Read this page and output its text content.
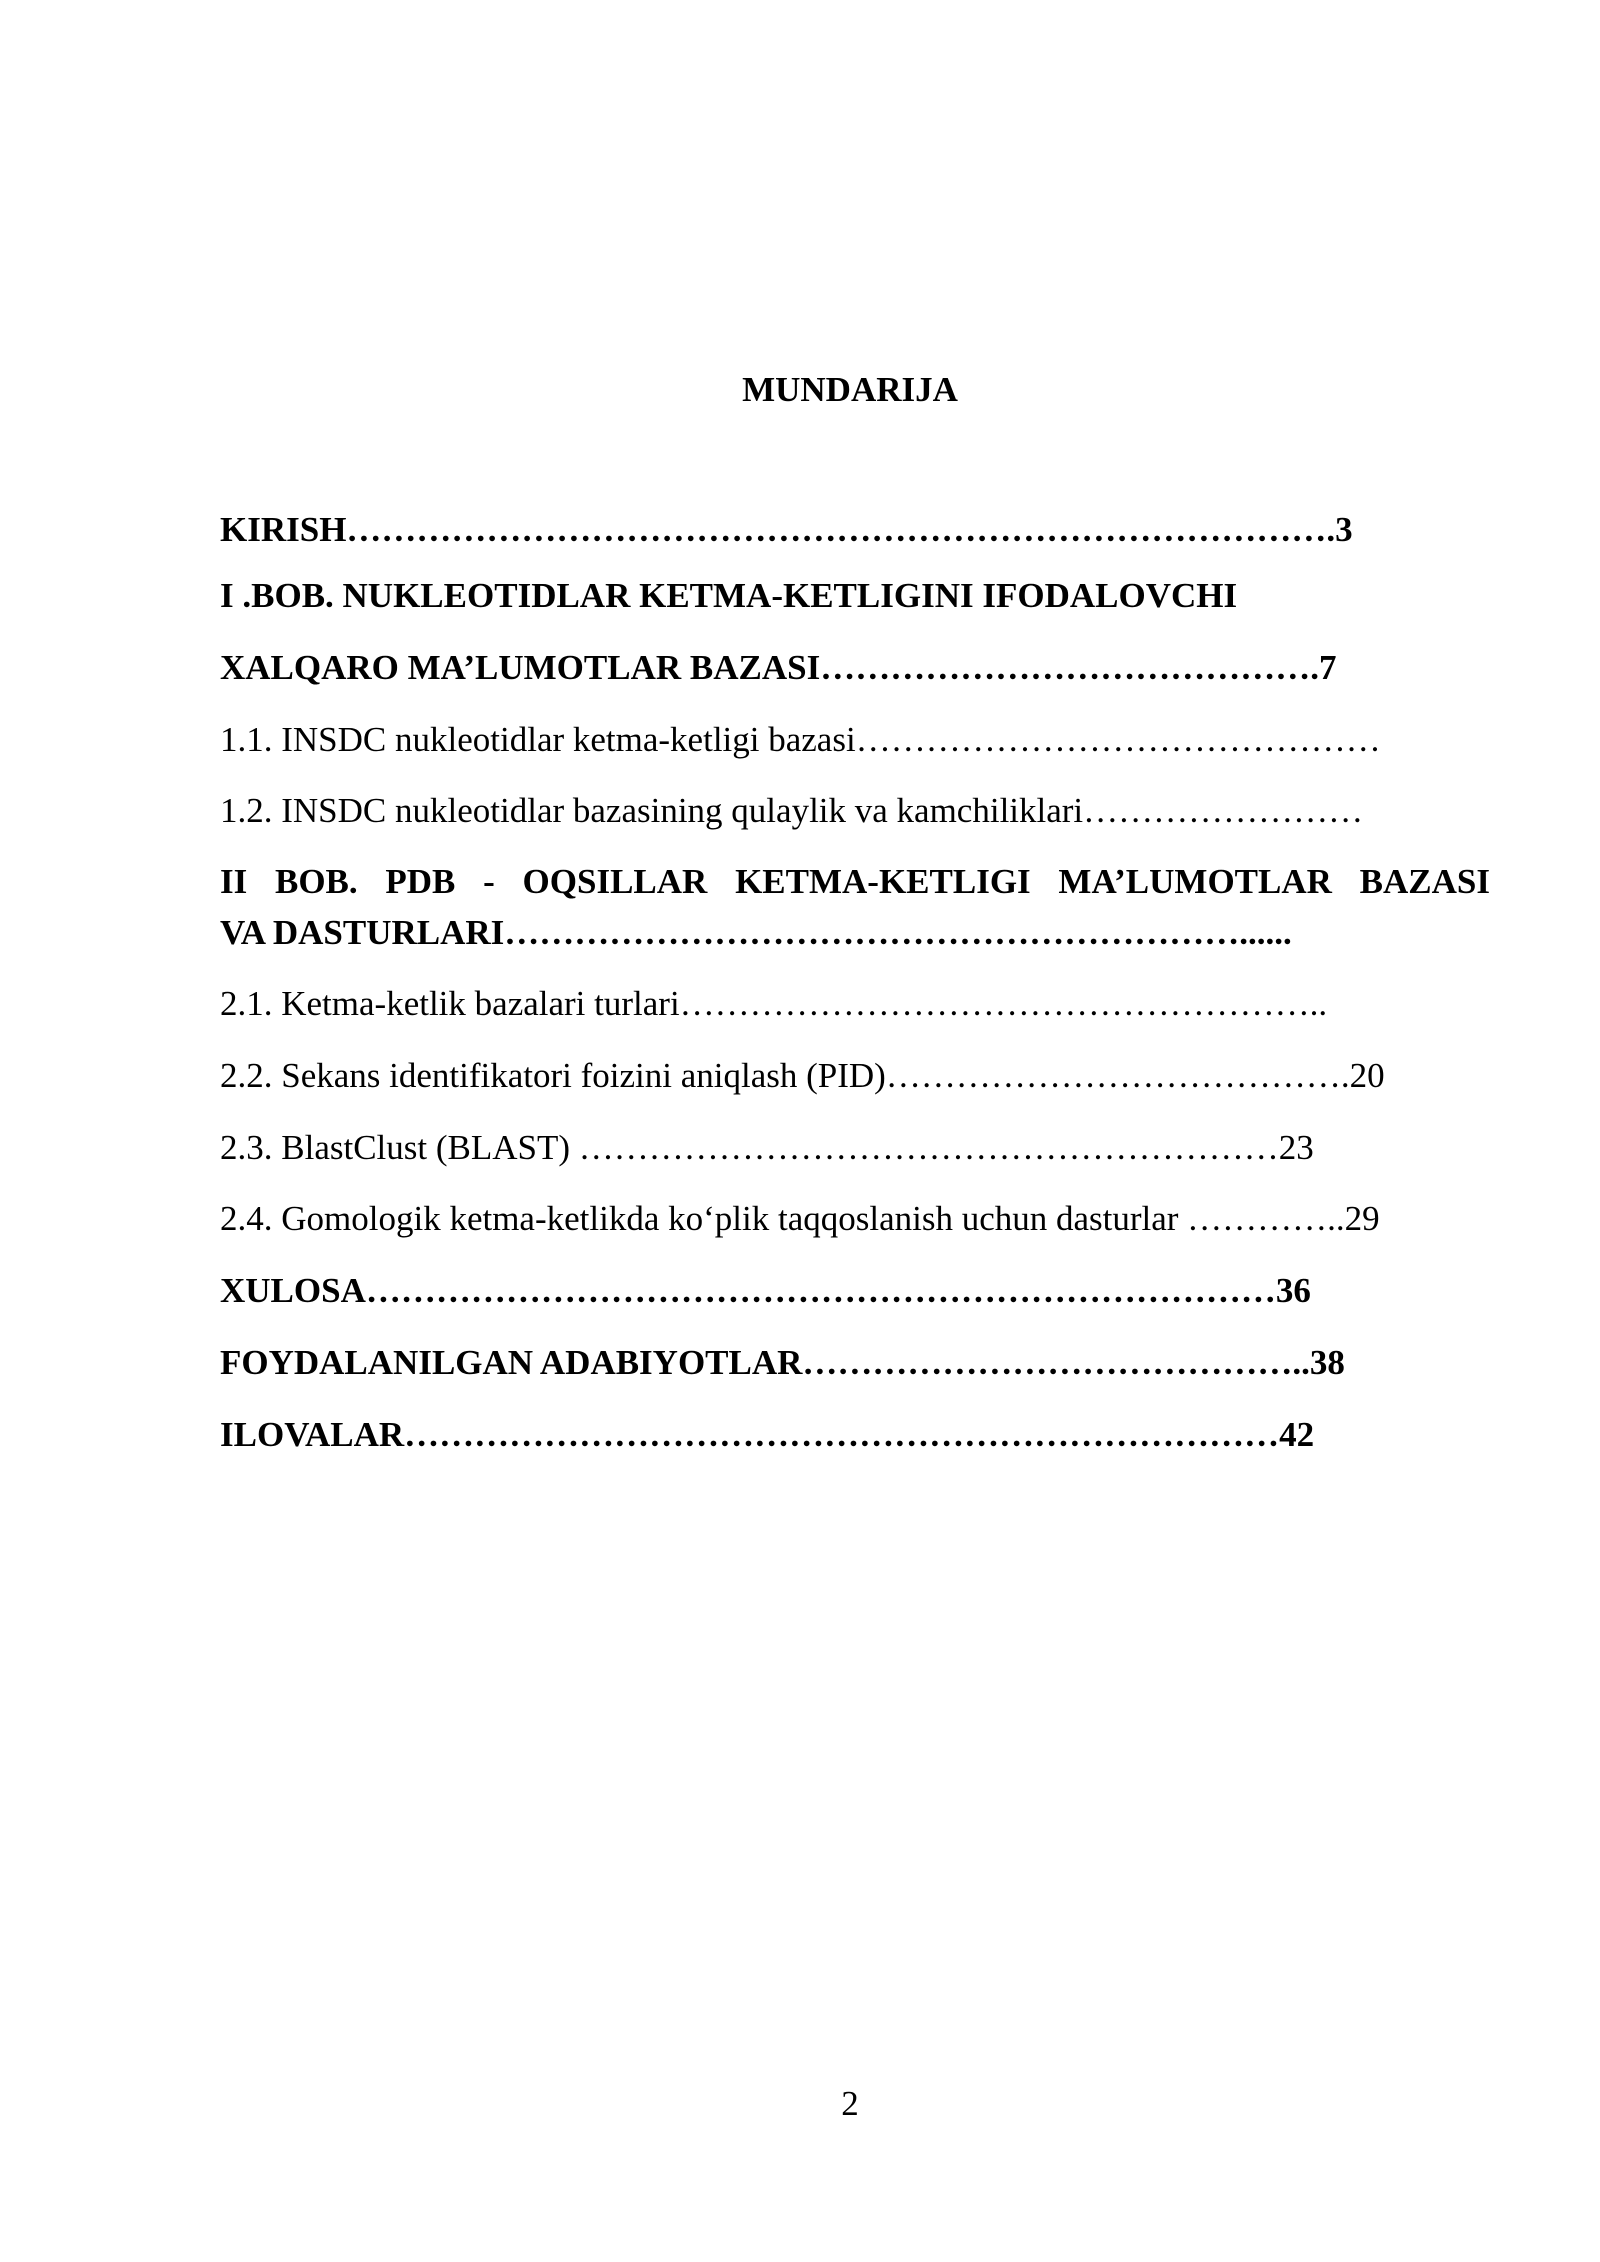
MUNDARIJA
KIRISH………………………………………………………………………….3
I .BOB. NUKLEOTIDLAR KETMA-KETLIGINI IFODALOVCHI
XALQARO MA’LUMOTLAR BAZASI…………………………………….7
1.1. INSDC nukleotidlar ketma-ketligi bazasi………………………………………
1.2. INSDC nukleotidlar bazasining qulaylik va kamchiliklari……………………
II BOB. PDB - OQSILLAR KETMA-KETLIGI MA’LUMOTLAR BAZASI
VA DASTURLARI………………………………………………………......
2.1. Ketma-ketlik bazalari turlari………………………………………………..
2.2. Sekans identifikatori foizini aniqlash (PID)………………………………….20
2.3. BlastClust (BLAST) ……………………………………………………23
2.4. Gomologik ketma-ketlikda ko‘plik taqqoslanish uchun dasturlar …………..29
XULOSA……………………………………………………………………36
FOYDALANILGAN ADABIYOTLAR……………………………………..38
ILOVALAR…………………………………………………………………42
2
